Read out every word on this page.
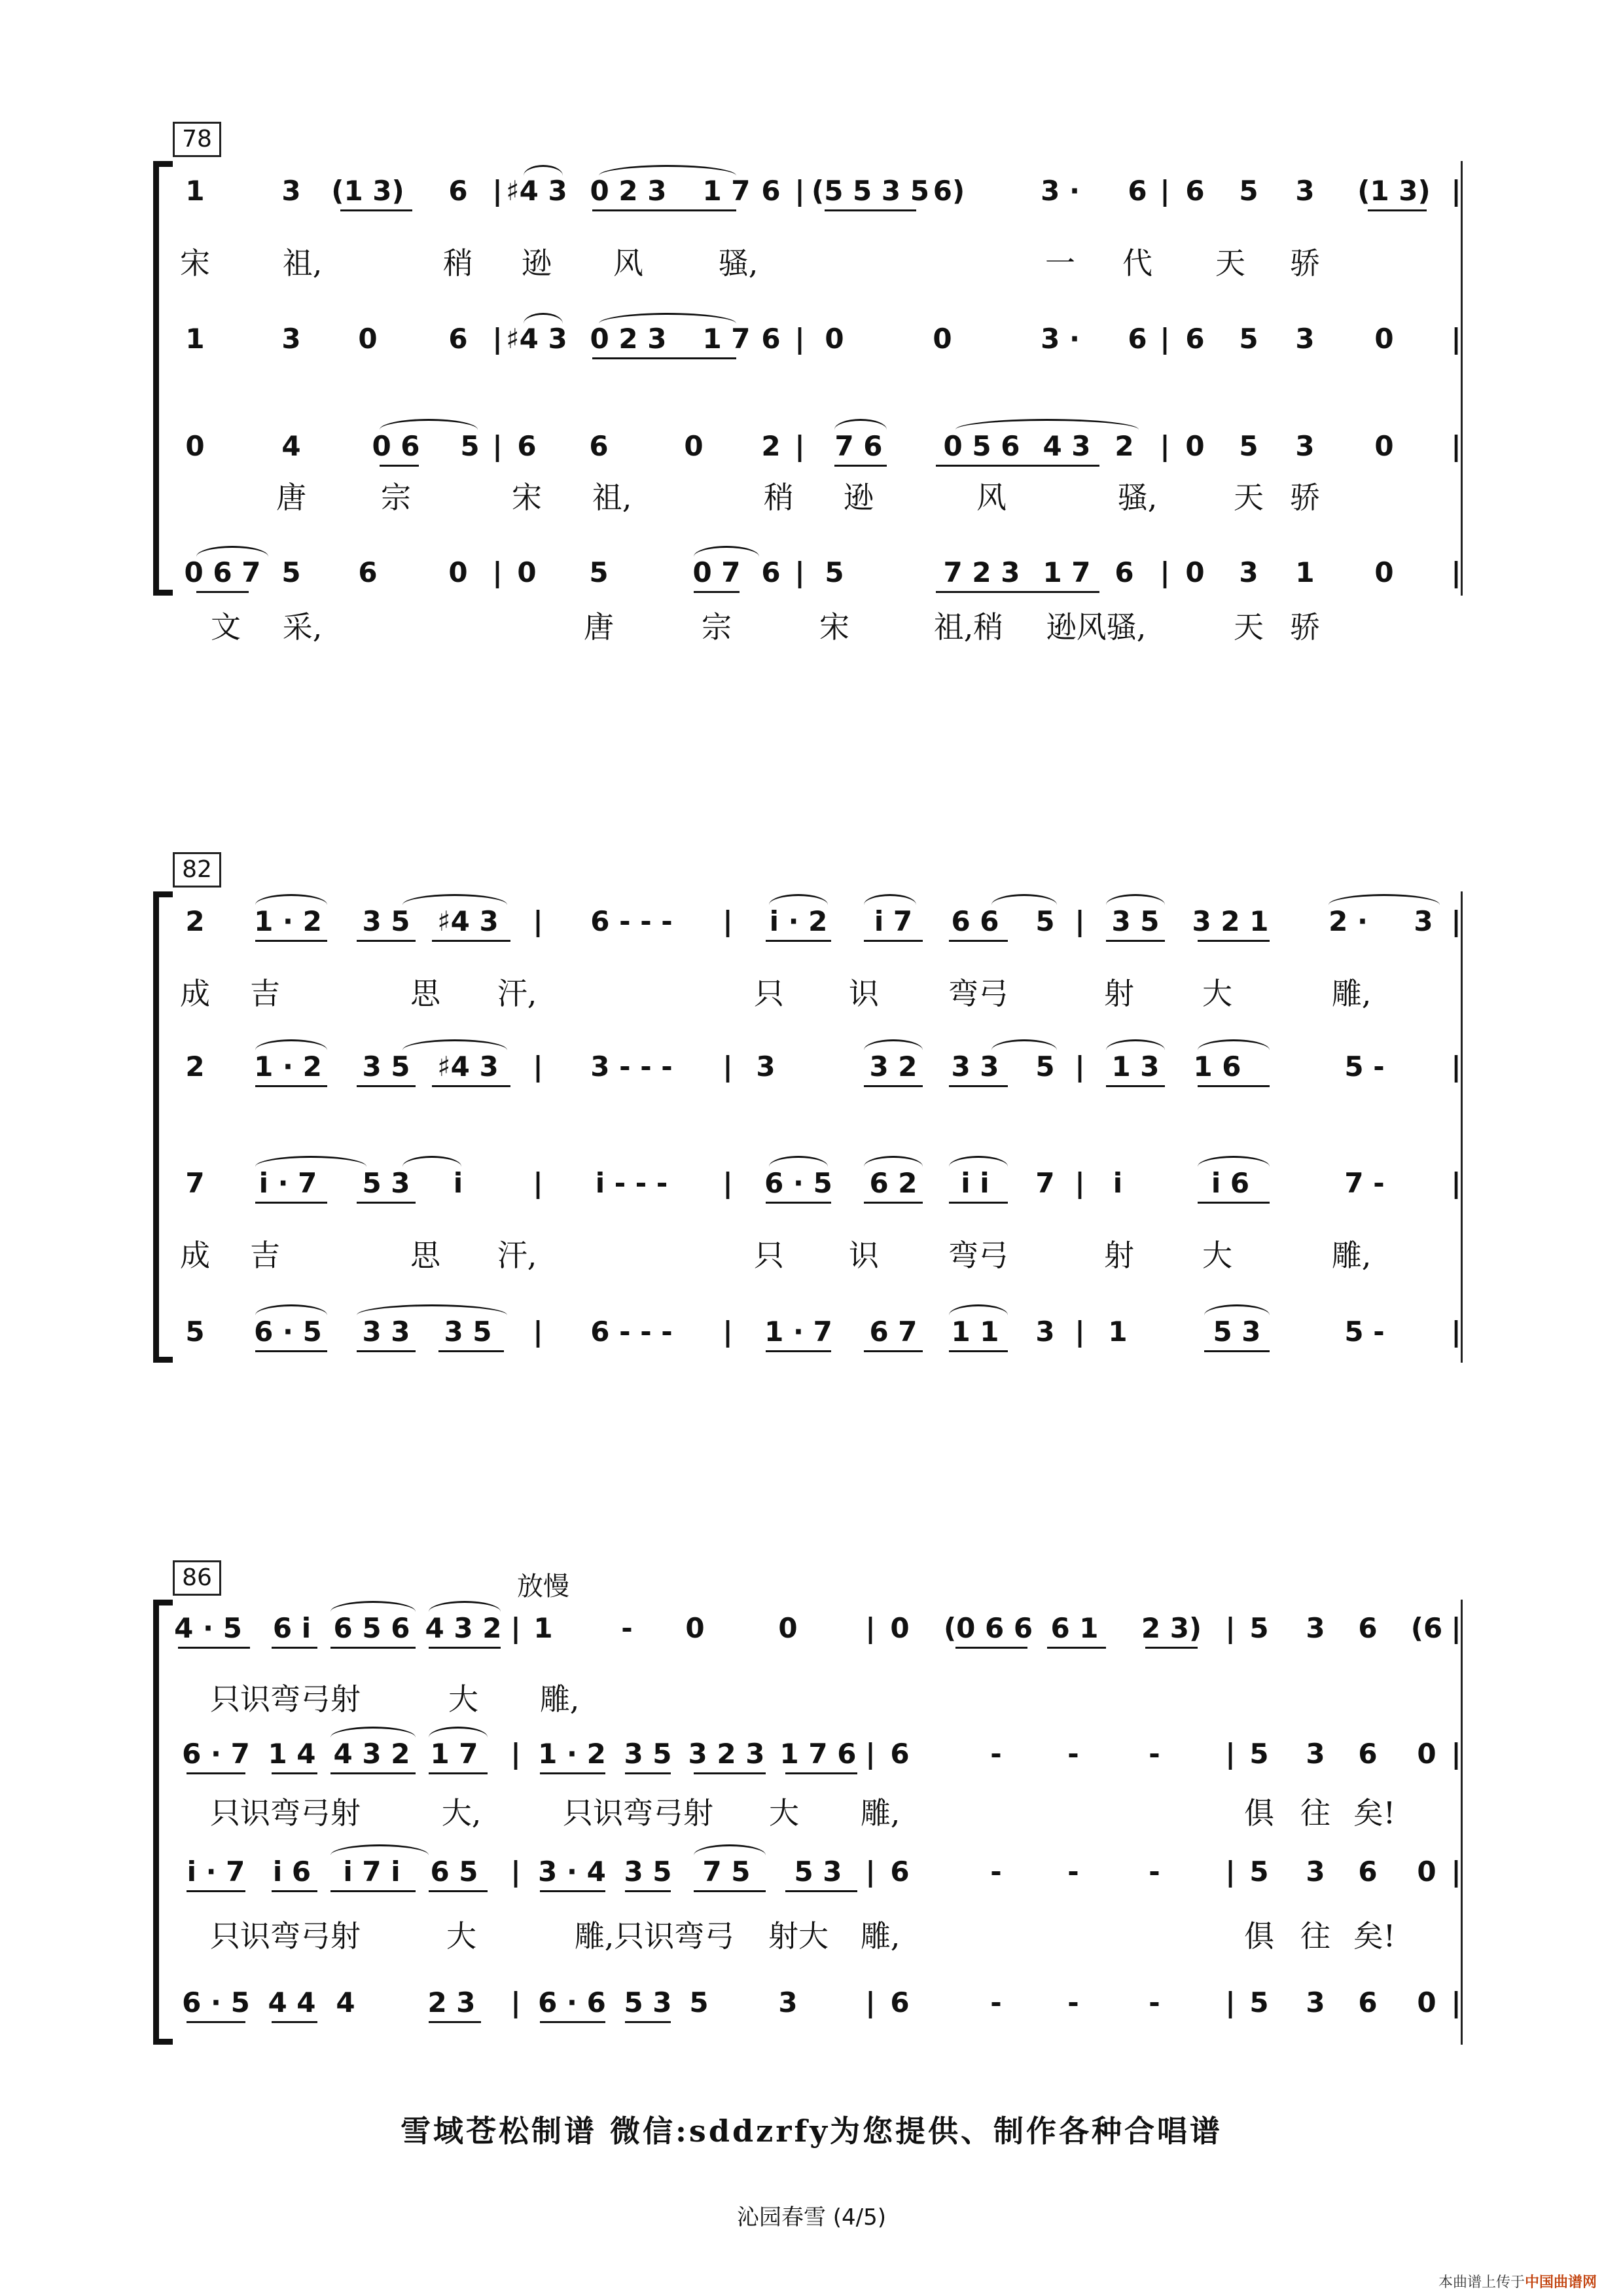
78
1	3 (1 3) 6 | ♯4 3 0 2 3 1 7 6 | (5 5 3 5 6)	3 · 6 | 6 5 3 (1 3) |
宋 祖,	稍 逊 风 骚,	一 代 天 骄
1	3 0	6 | ♯4 3 0 2 3 1 7 6 | 0	0	3 · 6 | 6 5 3 0 |
0	4	0 6 5 | 6 6	0 2 | 7 6 0 5 6 4 3 2 | 0 5 3 0 |
唐 宗	宋 祖,	稍 逊	风	骚,	天 骄
0 6 7 5 6	0 | 0 5	0 7 6 | 5	7 2 3 1 7 6 | 0 3 1 0 |
文 采,	唐	宗	宋	祖,稍 逊风骚,	天 骄
82
2 1 · 2 3 5 ♯4 3 | 6 - - - | i · 2 i 7 6 6 5 | 3 5 3 2 1 2 · 3 |
成 吉	思 汗,	只 识 弯弓	射 大	雕,
2 1 · 2 3 5 ♯4 3 | 3 - - - | 3	3 2 3 3 5 | 1 3 1 6	5 - |
7 i · 7 5 3 i	| i - - - | 6 · 5 6 2 i i 7 | i	i 6	7 - |
成 吉	思 汗,	只 识 弯弓	射 大	雕,
5 6 · 5 3 3 3 5 | 6 - - - | 1 · 7 6 7 1 1 3 | 1	5 3	5 - |
86	放慢
4 · 5 6 i 6 5 6 4 3 2 | 1 - 0	0 | 0 (0 6 6 6 1 2 3) | 5 3 6 (6 |
只识弯弓射	大 雕,
6 · 7 1 4 4 3 2 1 7 | 1 · 2 3 5 3 2 3 1 7 6 | 6	- -	- | 5 3 6 0 |
只识弯弓射	大,	只识弯弓射 大 雕,	俱 往 矣!
i · 7 i 6 i 7 i 6 5 | 3 · 4 3 5 7 5 5 3 | 6	- -	- | 5 3 6 0 |
只识弯弓射	大	雕,只识弯弓 射大 雕,	俱 往 矣!
6 · 5 4 4 4	2 3 | 6 · 6 5 3 5	3 | 6	- -	- | 5 3 6 0 |
雪域苍松制谱 微信:sddzrfy为您提供、制作各种合唱谱
沁园春雪 (4/5)
本曲谱上传于中国曲谱网
